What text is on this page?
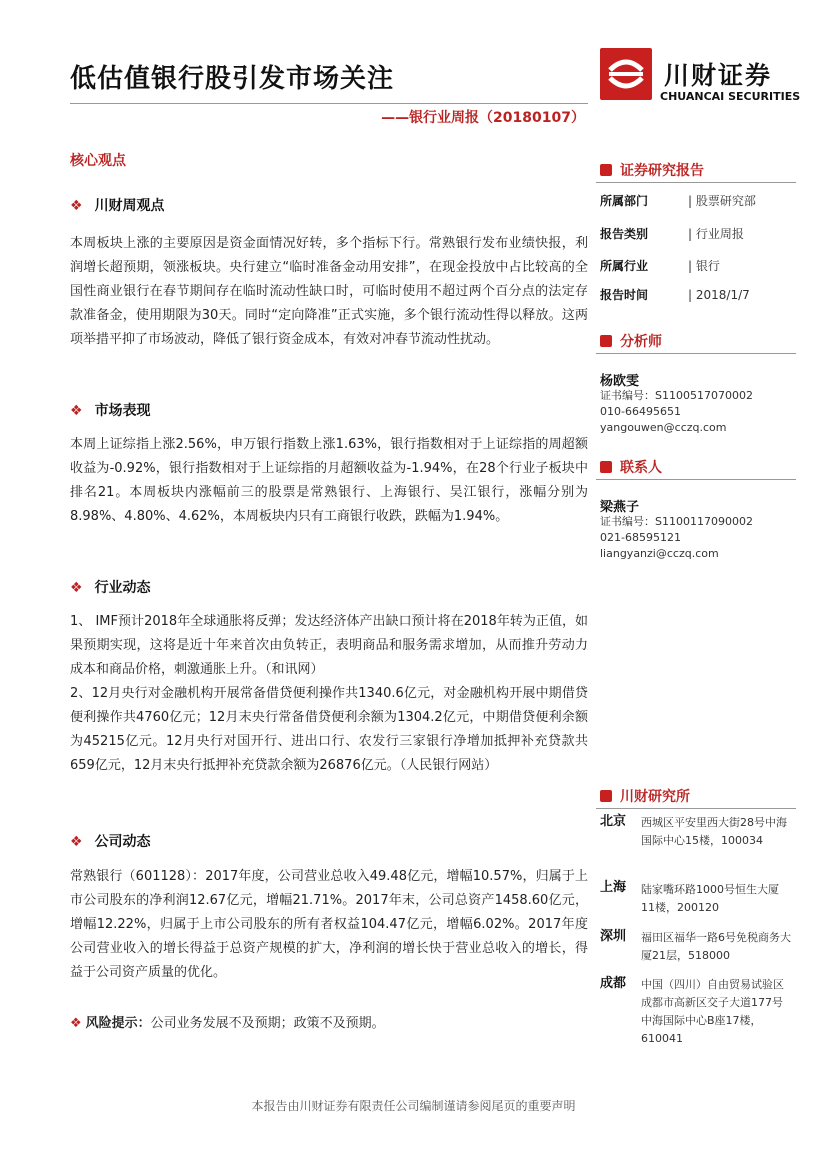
低估值银行股引发市场关注
——银行业周报（20180107）
川财证券
CHUANCAI SECURITIES
核心观点
❖ 川财周观点

本周板块上涨的主要原因是资金面情况好转，多个指标下行。常熟银行发布业绩快报，利润增长超预期，领涨板块。央行建立“临时准备金动用安排”，在现金投放中占比较高的全国性商业银行在春节期间存在临时流动性缺口时，可临时使用不超过两个百分点的法定存款准备金，使用期限为30天。同时“定向降准”正式实施，多个银行流动性得以释放。这两项举措平抑了市场波动，降低了银行资金成本，有效对冲春节流动性扰动。

❖ 市场表现

本周上证综指上涨2.56%，申万银行指数上涨1.63%，银行指数相对于上证综指的周超额收益为-0.92%，银行指数相对于上证综指的月超额收益为-1.94%，在28个行业子板块中排名21。本周板块内涨幅前三的股票是常熟银行、上海银行、吴江银行，涨幅分别为8.98%、4.80%、4.62%，本周板块内只有工商银行收跌，跌幅为1.94%。

❖ 行业动态

1、 IMF预计2018年全球通胀将反弹；发达经济体产出缺口预计将在2018年转为正值，如果预期实现，这将是近十年来首次由负转正，表明商品和服务需求增加，从而推升劳动力成本和商品价格，刺激通胀上升。（和讯网）

2、12月央行对金融机构开展常备借贷便利操作共1340.6亿元，对金融机构开展中期借贷便利操作共4760亿元；12月末央行常备借贷便利余额为1304.2亿元，中期借贷便利余额为45215亿元。12月央行对国开行、进出口行、农发行三家银行净增加抵押补充贷款共659亿元，12月末央行抵押补充贷款余额为26876亿元。（人民银行网站）

❖ 公司动态

常熟银行（601128）：2017年度，公司营业总收入49.48亿元，增幅10.57%，归属于上市公司股东的净利润12.67亿元，增幅21.71%。2017年末，公司总资产1458.60亿元，增幅12.22%，归属于上市公司股东的所有者权益104.47亿元，增幅6.02%。2017年度公司营业收入的增长得益于总资产规模的扩大，净利润的增长快于营业总收入的增长，得益于公司资产质量的优化。

❖ 风险提示：公司业务发展不及预期；政策不及预期。
证券研究报告
所属部门	| 股票研究部
报告类别	| 行业周报
所属行业	| 银行
报告时间	| 2018/1/7
分析师
杨欧雯
证书编号：S1100517070002
010-66495651
yangouwen@cczq.com
联系人
梁燕子
证书编号：S1100117090002
021-68595121
liangyanzi@cczq.com
川财研究所
北京 西城区平安里西大街28号中海国际中心15楼，100034
上海 陆家嘴环路1000号恒生大厦11楼，200120
深圳 福田区福华一路6号免税商务大厦21层，518000
成都 中国（四川）自由贸易试验区成都市高新区交子大道177号中海国际中心B座17楼，610041
本报告由川财证券有限责任公司编制谨请参阅尾页的重要声明
